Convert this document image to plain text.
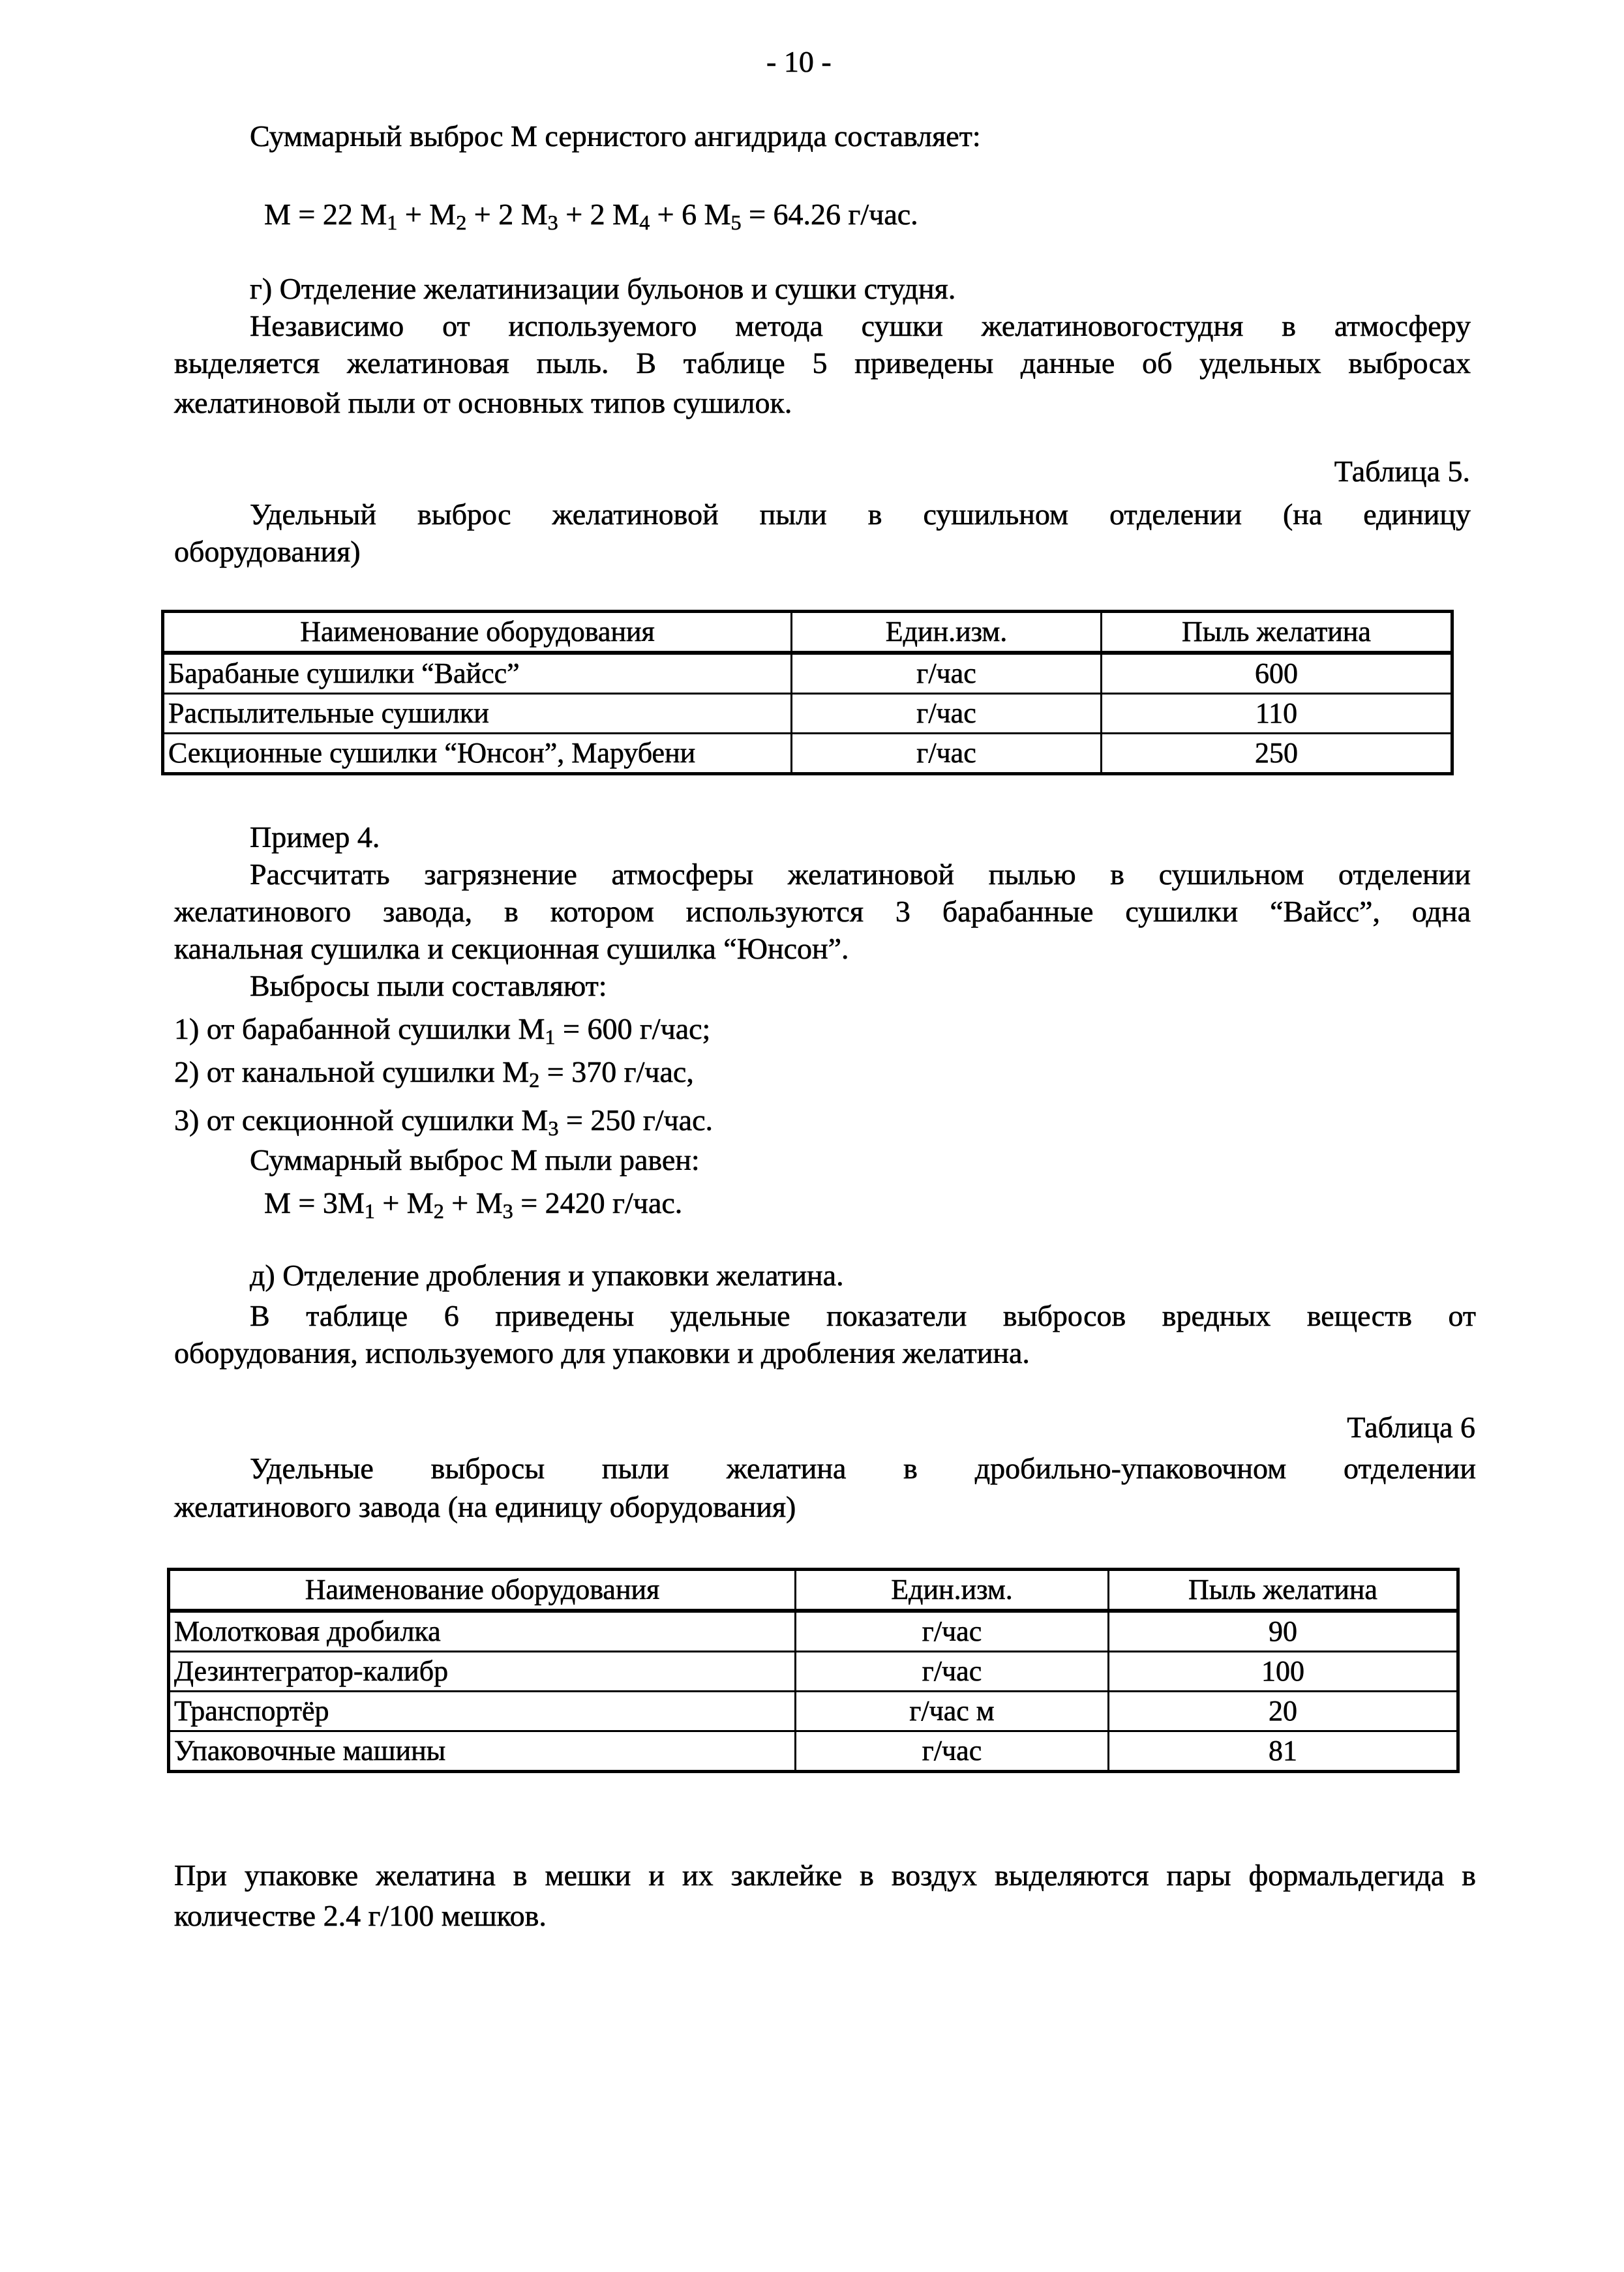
- 10 -
Суммарный выброс М сернистого ангидрида составляет:
М = 22 $М_1 + М_2 + 2$ $М_3 + 2$ $М_4 + 6$ $М_5 = 64.26$ г/час.
г) Отделение желатинизации бульонов и сушки студня.
Независимо от используемого метода сушки желатиновогостудня в атмосферу
выделяется желатиновая пыль. В таблице 5 приведены данные об удельных выбросах
желатиновой пыли от основных типов сушилок.
Таблица 5.
Удельный выброс желатиновой пыли в сушильном отделении (на единицу
оборудования)
Наименование оборудования	Един.изм.	Пыль желатина
Барабаные сушилки “Вайсс”	г/час	600
Распылительные сушилки	г/час	110
Секционные сушилки “Юнсон”, Марубени	г/час	250
Пример 4.
Рассчитать загрязнение атмосферы желатиновой пылью в сушильном отделении
желатинового завода, в котором используются 3 барабанные сушилки “Вайсс”, одна
канальная сушилка и секционная сушилка “Юнсон”.
Выбросы пыли составляют:
1) от барабанной сушилки $М_1 = 600$ г/час;
2) от канальной сушилки $М_2 = 370$ г/час,
3) от секционной сушилки $М_3 = 250$ г/час.
Суммарный выброс М пыли равен:
$М = 3М_1 + М_2 + М_3 = 2420$ г/час.
д) Отделение дробления и упаковки желатина.
В таблице 6 приведены удельные показатели выбросов вредных веществ от
оборудования, используемого для упаковки и дробления желатина.
Таблица 6
Удельные выбросы пыли желатина в дробильно-упаковочном отделении
желатинового завода (на единицу оборудования)
Наименование оборудования	Един.изм.	Пыль желатина
Молотковая дробилка	г/час	90
Дезинтегратор-калибр	г/час	100
Транспортёр	г/час м	20
Упаковочные машины	г/час	81
При упаковке желатина в мешки и их заклейке в воздух выделяются пары формальдегида в
количестве 2.4 г/100 мешков.
